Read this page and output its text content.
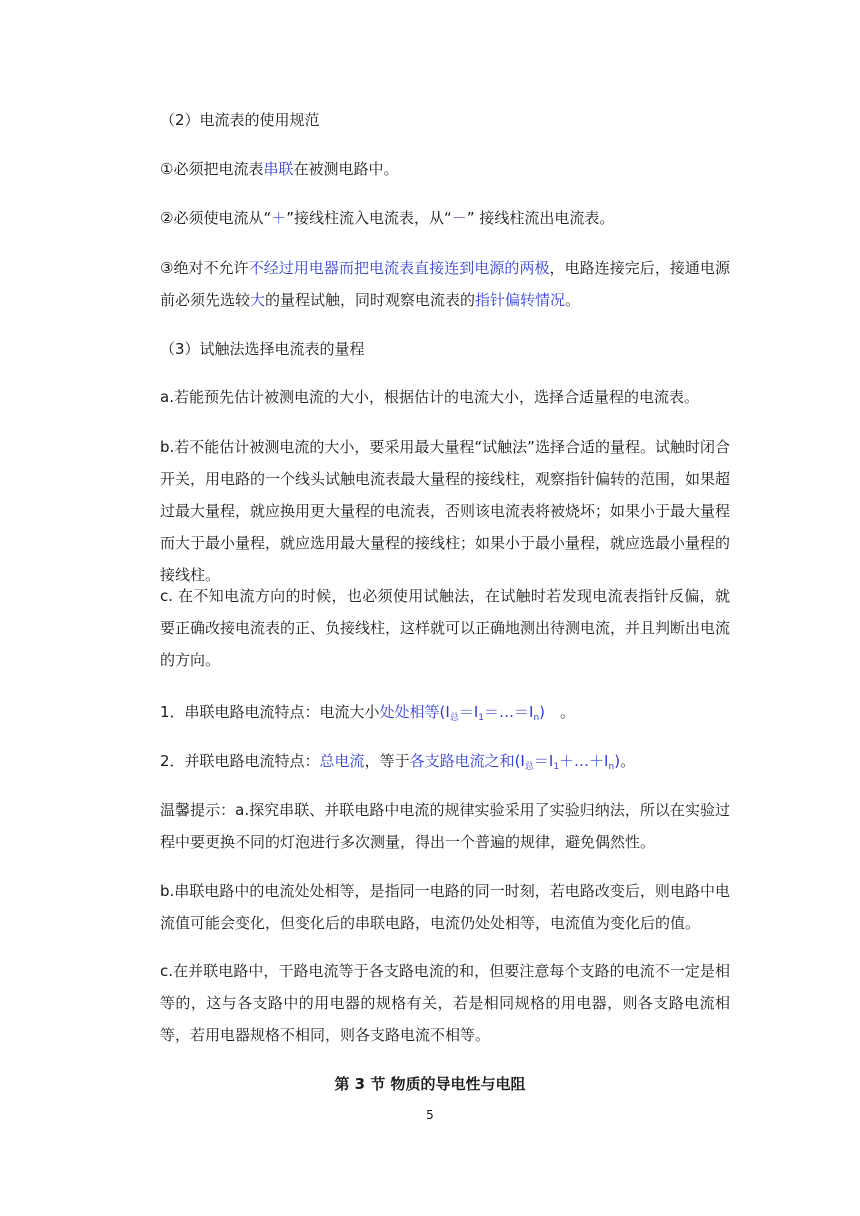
（2）电流表的使用规范

①必须把电流表串联在被测电路中。

②必须使电流从“＋”接线柱流入电流表，从“－” 接线柱流出电流表。

③绝对不允许不经过用电器而把电流表直接连到电源的两极，电路连接完后，接通电源前必须先选较大的量程试触，同时观察电流表的指针偏转情况。

（3）试触法选择电流表的量程

a.若能预先估计被测电流的大小，根据估计的电流大小，选择合适量程的电流表。

b.若不能估计被测电流的大小，要采用最大量程“试触法”选择合适的量程。试触时闭合开关，用电路的一个线头试触电流表最大量程的接线柱，观察指针偏转的范围，如果超过最大量程，就应换用更大量程的电流表，否则该电流表将被烧坏；如果小于最大量程而大于最小量程，就应选用最大量程的接线柱；如果小于最小量程，就应选最小量程的接线柱。

c. 在不知电流方向的时候，也必须使用试触法，在试触时若发现电流表指针反偏，就要正确改接电流表的正、负接线柱，这样就可以正确地测出待测电流，并且判断出电流的方向。

1．串联电路电流特点：电流大小处处相等$(I_总=I_1=\dots=I_n)$　。

2．并联电路电流特点：总电流，等于各支路电流之和$(I_总=I_1+\dots+I_n)$。

温馨提示：a.探究串联、并联电路中电流的规律实验采用了实验归纳法，所以在实验过程中要更换不同的灯泡进行多次测量，得出一个普遍的规律，避免偶然性。

b.串联电路中的电流处处相等，是指同一电路的同一时刻，若电路改变后，则电路中电流值可能会变化，但变化后的串联电路，电流仍处处相等，电流值为变化后的值。

c.在并联电路中，干路电流等于各支路电流的和，但要注意每个支路的电流不一定是相等的，这与各支路中的用电器的规格有关，若是相同规格的用电器，则各支路电流相等，若用电器规格不相同，则各支路电流不相等。

第 3 节 物质的导电性与电阻
5
